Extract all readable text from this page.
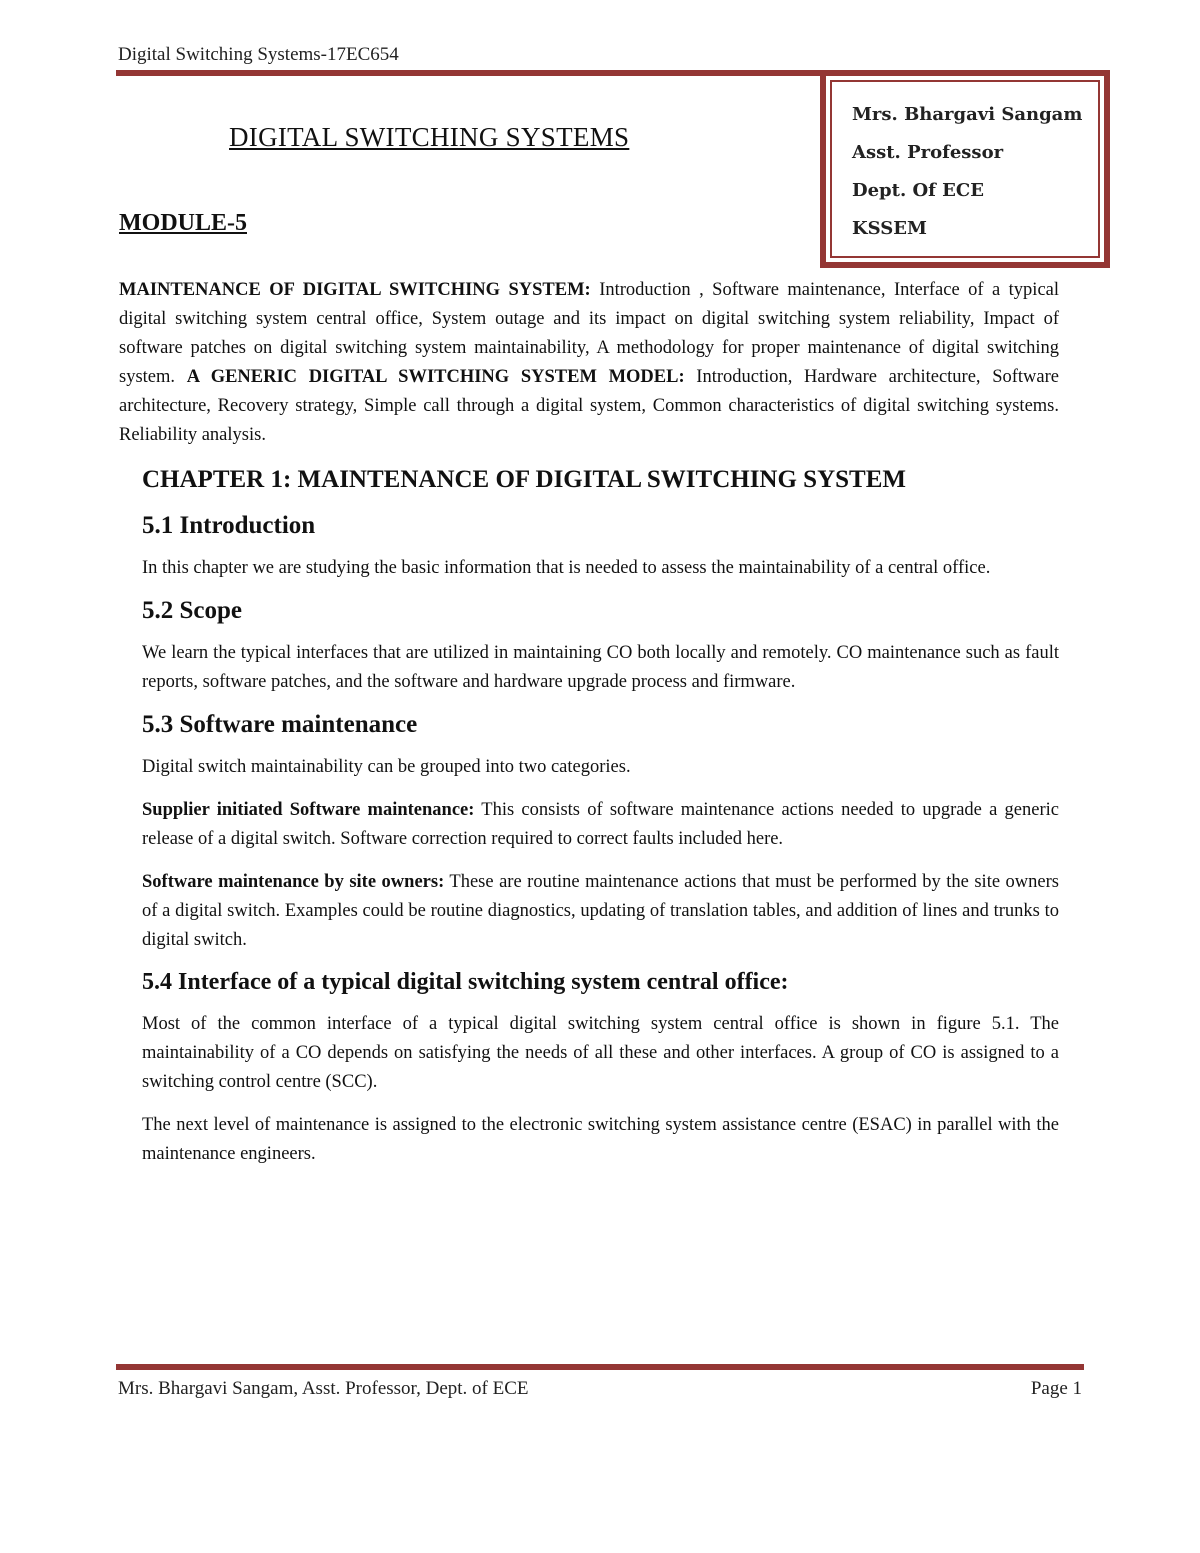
Digital Switching Systems-17EC654
Mrs. Bhargavi Sangam
Asst. Professor
Dept. Of ECE
KSSEM
DIGITAL SWITCHING SYSTEMS
MODULE-5
MAINTENANCE OF DIGITAL SWITCHING SYSTEM: Introduction , Software maintenance, Interface of a typical digital switching system central office, System outage and its impact on digital switching system reliability, Impact of software patches on digital switching system maintainability, A methodology for proper maintenance of digital switching system. A GENERIC DIGITAL SWITCHING SYSTEM MODEL: Introduction, Hardware architecture, Software architecture, Recovery strategy, Simple call through a digital system, Common characteristics of digital switching systems. Reliability analysis.
CHAPTER 1: MAINTENANCE OF DIGITAL SWITCHING SYSTEM
5.1 Introduction

In this chapter we are studying the basic information that is needed to assess the maintainability of a central office.

5.2 Scope

We learn the typical interfaces that are utilized in maintaining CO both locally and remotely. CO maintenance such as fault reports, software patches, and the software and hardware upgrade process and firmware.

5.3 Software maintenance

Digital switch maintainability can be grouped into two categories.

Supplier initiated Software maintenance: This consists of software maintenance actions needed to upgrade a generic release of a digital switch. Software correction required to correct faults included here.

Software maintenance by site owners: These are routine maintenance actions that must be performed by the site owners of a digital switch. Examples could be routine diagnostics, updating of translation tables, and addition of lines and trunks to digital switch.

5.4 Interface of a typical digital switching system central office:

Most of the common interface of a typical digital switching system central office is shown in figure 5.1. The maintainability of a CO depends on satisfying the needs of all these and other interfaces. A group of CO is assigned to a switching control centre (SCC).

The next level of maintenance is assigned to the electronic switching system assistance centre (ESAC) in parallel with the maintenance engineers.

Mrs. Bhargavi Sangam, Asst. Professor, Dept. of ECE	Page 1
